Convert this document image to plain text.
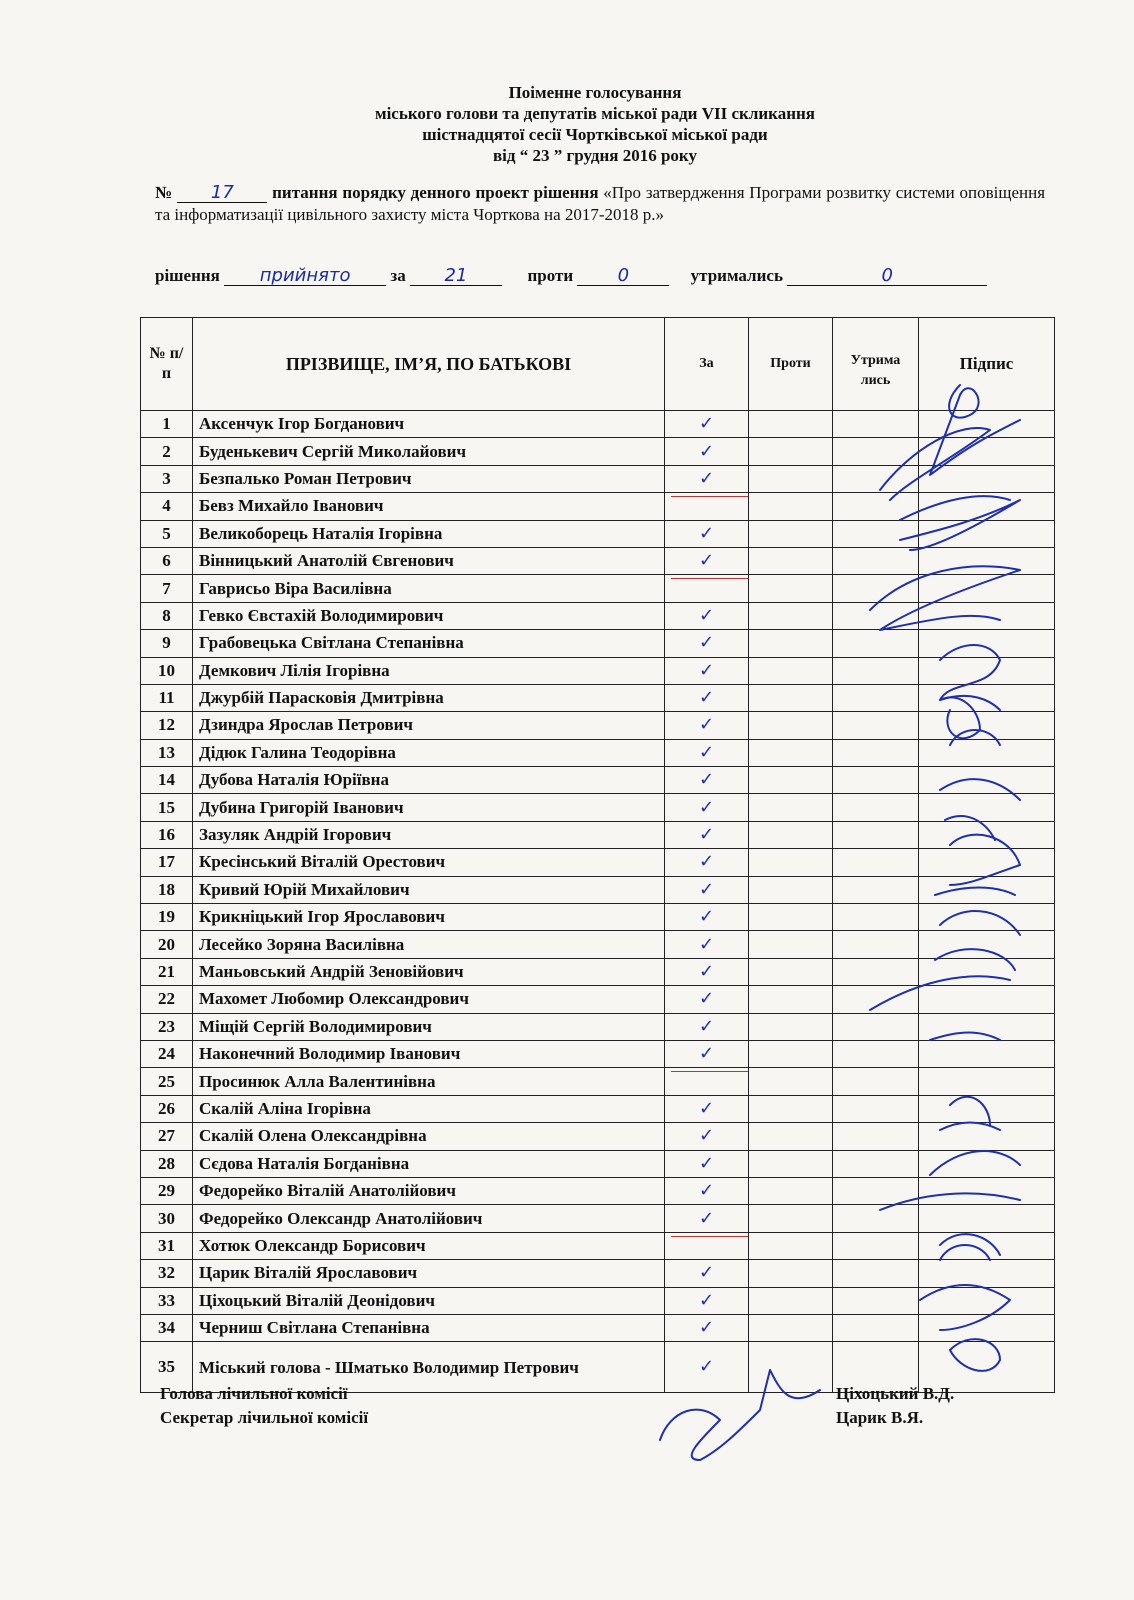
Поіменне голосування
міського голови та депутатів міської ради VII скликання
шістнадцятої сесії Чортківської міської ради
від “ 23 ” грудня 2016 року
№ 17 питання порядку денного проект рішення «Про затвердження Програми розвитку системи оповіщення та інформатизації цивільного захисту міста Чорткова на 2017-2018 р.»
рішення прийнято за 21	проти 0	утримались	0
№ п/п	ПРІЗВИЩЕ, ІМ’Я, ПО БАТЬКОВІ	За	Проти	Утрима лись	Підпис
1	Аксенчук Ігор Богданович	✓			
2	Буденькевич Сергій Миколайович	✓			
3	Безпалько Роман Петрович	✓			
4	Бевз Михайло Іванович				
5	Великоборець Наталія Ігорівна	✓			
6	Вінницький Анатолій Євгенович	✓			
7	Гаврисьо Віра Василівна				
8	Гевко Євстахій Володимирович	✓			
9	Грабовецька Світлана Степанівна	✓			
10	Демкович Лілія Ігорівна	✓			
11	Джурбій Парасковія Дмитрівна	✓			
12	Дзиндра Ярослав Петрович	✓			
13	Дідюк Галина Теодорівна	✓			
14	Дубова Наталія Юріївна	✓			
15	Дубина Григорій Іванович	✓			
16	Зазуляк Андрій Ігорович	✓			
17	Кресінський Віталій Орестович	✓			
18	Кривий Юрій Михайлович	✓			
19	Крикніцький Ігор Ярославович	✓			
20	Лесейко Зоряна Василівна	✓			
21	Маньовський Андрій Зеновійович	✓			
22	Махомет Любомир Олександрович	✓			
23	Міщій Сергій Володимирович	✓			
24	Наконечний Володимир Іванович	✓			
25	Просинюк Алла Валентинівна				
26	Скалій Аліна Ігорівна	✓			
27	Скалій Олена Олександрівна	✓			
28	Сєдова Наталія Богданівна	✓			
29	Федорейко Віталій Анатолійович	✓			
30	Федорейко Олександр Анатолійович	✓			
31	Хотюк Олександр Борисович				
32	Царик Віталій Ярославович	✓			
33	Ціхоцький Віталій Деонідович	✓			
34	Черниш Світлана Степанівна	✓			
35	Міський голова - Шматько Володимир Петрович	✓			
Голова лічильної комісії
Секретар лічильної комісії
Ціхоцький В.Д.
Царик В.Я.
